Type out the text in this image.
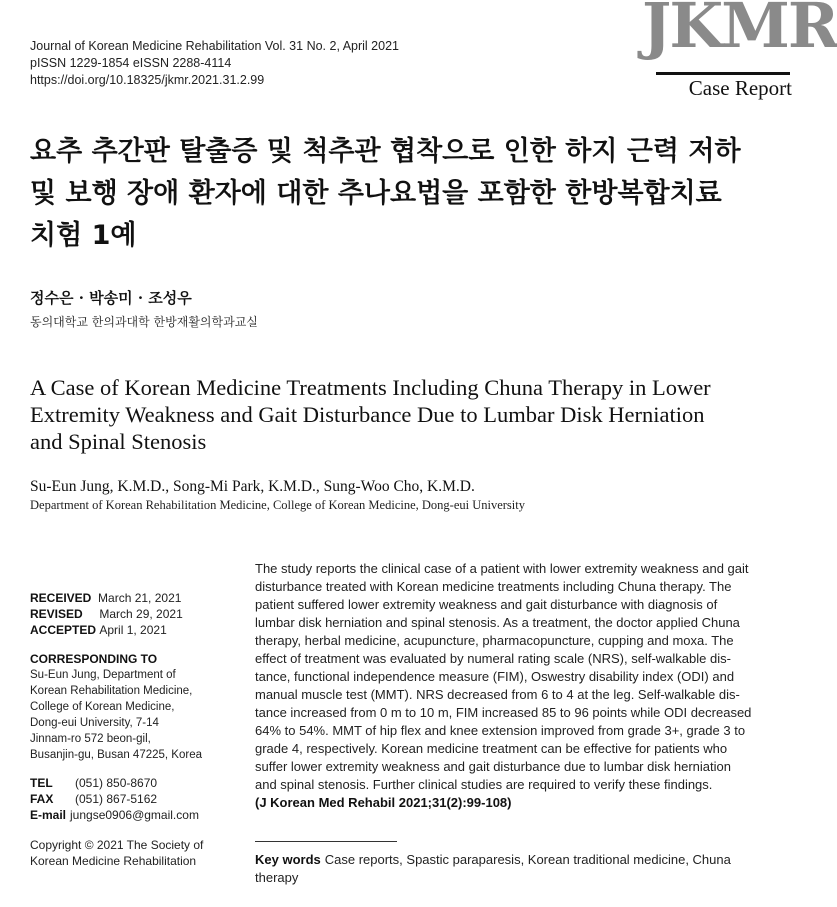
Journal of Korean Medicine Rehabilitation Vol. 31 No. 2, April 2021
pISSN 1229-1854 eISSN 2288-4114
https://doi.org/10.18325/jkmr.2021.31.2.99
JKMR
Case Report
요추 추간판 탈출증 및 척추관 협착으로 인한 하지 근력 저하
및 보행 장애 환자에 대한 추나요법을 포함한 한방복합치료
치험 1예
정수은 · 박송미 · 조성우
동의대학교 한의과대학 한방재활의학과교실
A Case of Korean Medicine Treatments Including Chuna Therapy in Lower
Extremity Weakness and Gait Disturbance Due to Lumbar Disk Herniation
and Spinal Stenosis
Su-Eun Jung, K.M.D., Song-Mi Park, K.M.D., Sung-Woo Cho, K.M.D.
Department of Korean Rehabilitation Medicine, College of Korean Medicine, Dong-eui University
RECEIVED March 21, 2021
REVISED March 29, 2021
ACCEPTED April 1, 2021
CORRESPONDING TO
Su-Eun Jung, Department of
Korean Rehabilitation Medicine,
College of Korean Medicine,
Dong-eui University, 7-14
Jinnam-ro 572 beon-gil,
Busanjin-gu, Busan 47225, Korea
TEL (051) 850-8670
FAX (051) 867-5162
E-mail jungse0906@gmail.com
Copyright © 2021 The Society of
Korean Medicine Rehabilitation
The study reports the clinical case of a patient with lower extremity weakness and gait
disturbance treated with Korean medicine treatments including Chuna therapy. The
patient suffered lower extremity weakness and gait disturbance with diagnosis of
lumbar disk herniation and spinal stenosis. As a treatment, the doctor applied Chuna
therapy, herbal medicine, acupuncture, pharmacopuncture, cupping and moxa. The
effect of treatment was evaluated by numeral rating scale (NRS), self-walkable dis-
tance, functional independence measure (FIM), Oswestry disability index (ODI) and
manual muscle test (MMT). NRS decreased from 6 to 4 at the leg. Self-walkable dis-
tance increased from 0 m to 10 m, FIM increased 85 to 96 points while ODI decreased
64% to 54%. MMT of hip flex and knee extension improved from grade 3+, grade 3 to
grade 4, respectively. Korean medicine treatment can be effective for patients who
suffer lower extremity weakness and gait disturbance due to lumbar disk herniation
and spinal stenosis. Further clinical studies are required to verify these findings.
(J Korean Med Rehabil 2021;31(2):99-108)
Key words Case reports, Spastic paraparesis, Korean traditional medicine, Chuna
therapy
